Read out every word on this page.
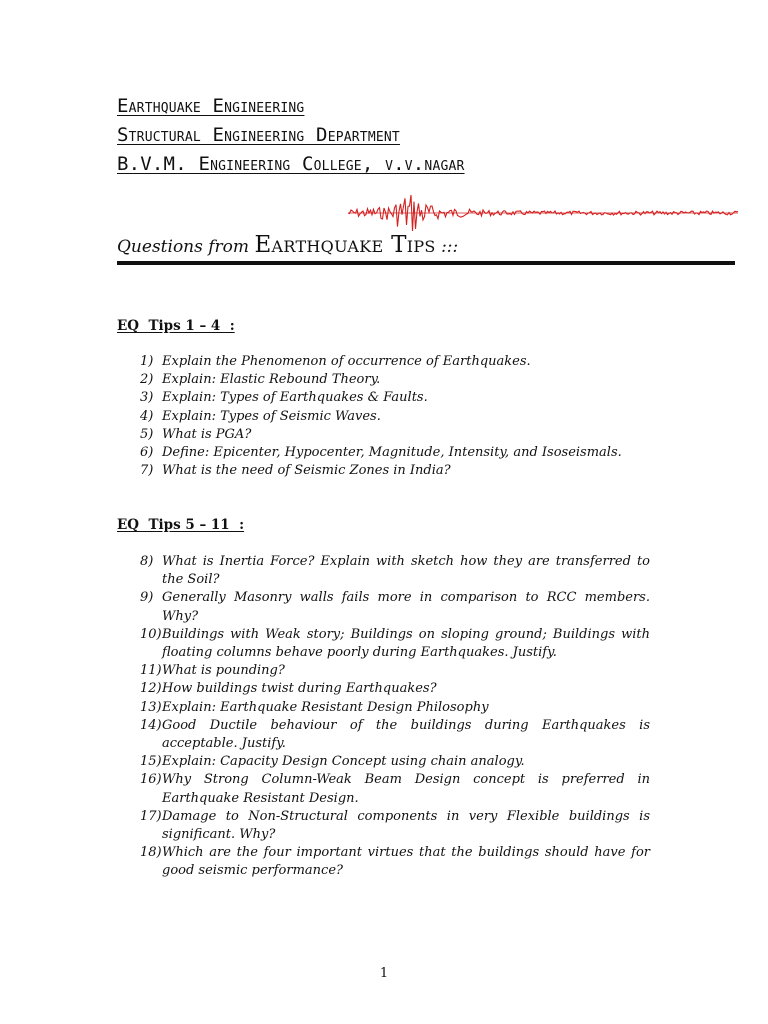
Earthquake Engineering
Structural Engineering Department
B.V.M. Engineering College, v.v.nagar
Questions from Earthquake Tips :::
EQ  Tips 1 – 4  :
1) Explain the Phenomenon of occurrence of Earthquakes.
2) Explain: Elastic Rebound Theory.
3) Explain: Types of Earthquakes & Faults.
4) Explain: Types of Seismic Waves.
5) What is PGA?
6) Define: Epicenter, Hypocenter, Magnitude, Intensity, and Isoseismals.
7) What is the need of Seismic Zones in India?
EQ  Tips 5 – 11  :
8) What is Inertia Force? Explain with sketch how they are transferred to the Soil?
9) Generally Masonry walls fails more in comparison to RCC members. Why?
10) Buildings with Weak story; Buildings on sloping ground; Buildings with floating columns behave poorly during Earthquakes. Justify.
11) What is pounding?
12) How buildings twist during Earthquakes?
13) Explain: Earthquake Resistant Design Philosophy
14) Good Ductile behaviour of the buildings during Earthquakes is acceptable. Justify.
15) Explain: Capacity Design Concept using chain analogy.
16) Why Strong Column-Weak Beam Design concept is preferred in Earthquake Resistant Design.
17) Damage to Non-Structural components in very Flexible buildings is significant. Why?
18) Which are the four important virtues that the buildings should have for good seismic performance?
1
